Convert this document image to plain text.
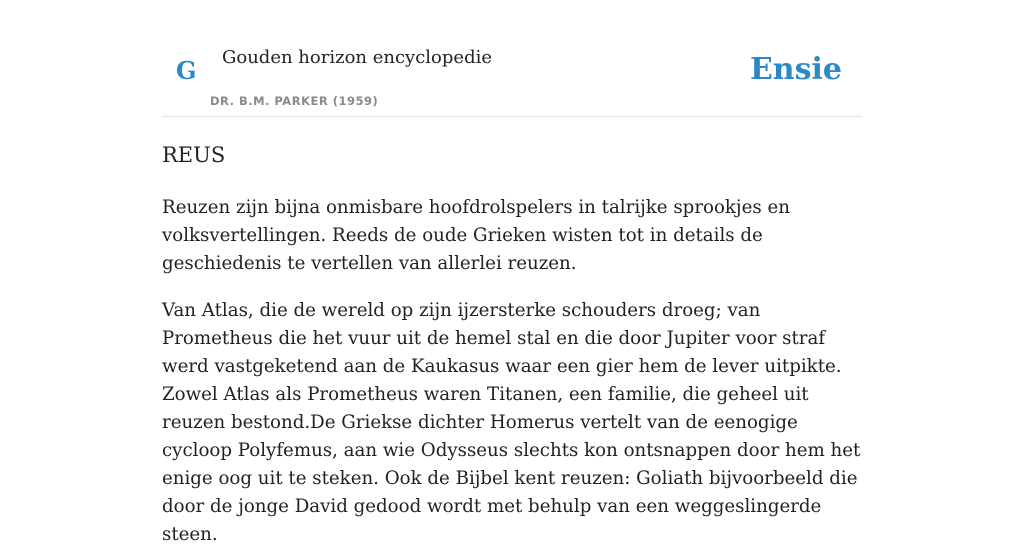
G Gouden horizon encyclopedie
DR. B.M. PARKER (1959)
Ensie
REUS

Reuzen zijn bijna onmisbare hoofdrolspelers in talrijke sprookjes en volksvertellingen. Reeds de oude Grieken wisten tot in details de geschiedenis te vertellen van allerlei reuzen.

Van Atlas, die de wereld op zijn ijzersterke schouders droeg; van Prometheus die het vuur uit de hemel stal en die door Jupiter voor straf werd vastgeketend aan de Kaukasus waar een gier hem de lever uitpikte. Zowel Atlas als Prometheus waren Titanen, een familie, die geheel uit reuzen bestond.De Griekse dichter Homerus vertelt van de eenogige cycloop Polyfemus, aan wie Odysseus slechts kon ontsnappen door hem het enige oog uit te steken. Ook de Bijbel kent reuzen: Goliath bijvoorbeeld die door de jonge David gedood wordt met behulp van een weggeslingerde steen.
